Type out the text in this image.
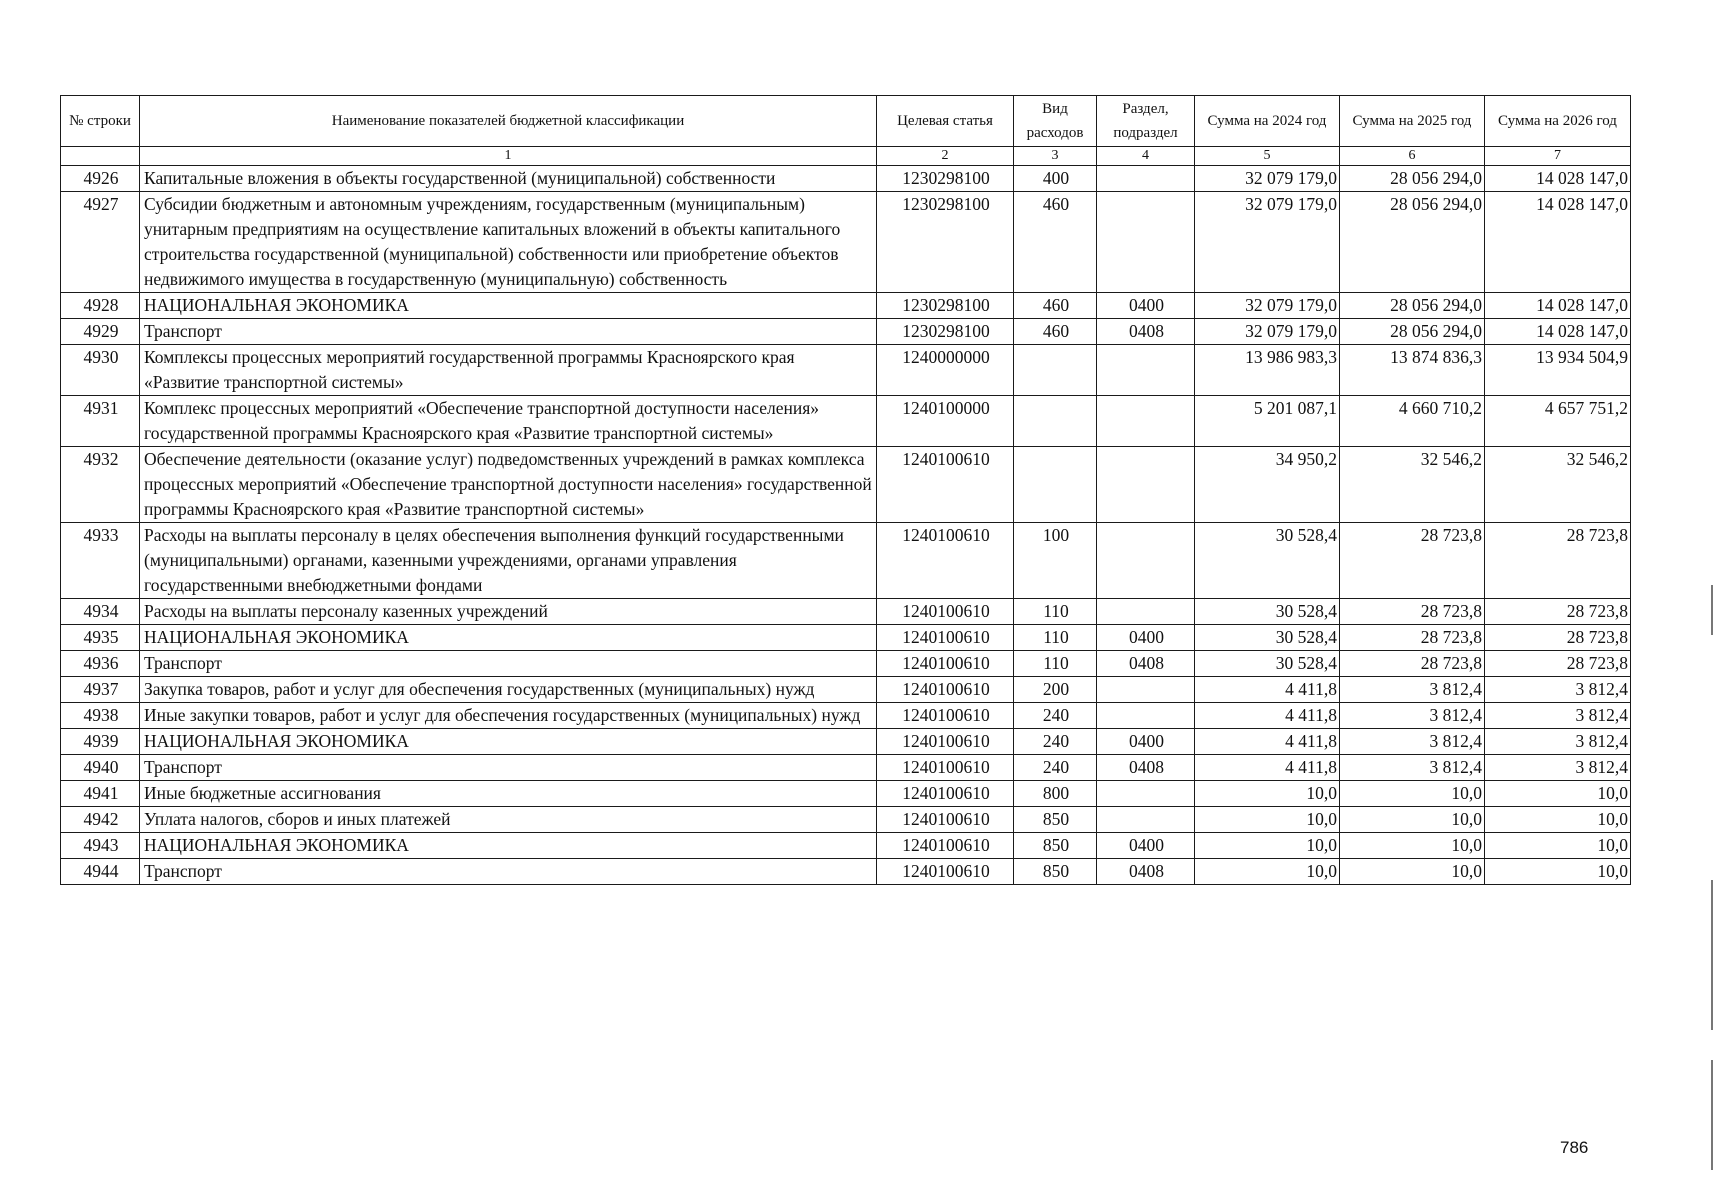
№ строки	Наименование показателей бюджетной классификации	Целевая статья	Вид расходов	Раздел, подраздел	Сумма на 2024 год	Сумма на 2025 год	Сумма на 2026 год
	1	2	3	4	5	6	7
4926	Капитальные вложения в объекты государственной (муниципальной) собственности	1230298100	400		32 079 179,0	28 056 294,0	14 028 147,0
4927	Субсидии бюджетным и автономным учреждениям, государственным (муниципальным) унитарным предприятиям на осуществление капитальных вложений в объекты капитального строительства государственной (муниципальной) собственности или приобретение объектов недвижимого имущества в государственную (муниципальную) собственность	1230298100	460		32 079 179,0	28 056 294,0	14 028 147,0
4928	НАЦИОНАЛЬНАЯ ЭКОНОМИКА	1230298100	460	0400	32 079 179,0	28 056 294,0	14 028 147,0
4929	Транспорт	1230298100	460	0408	32 079 179,0	28 056 294,0	14 028 147,0
4930	Комплексы процессных мероприятий государственной программы Красноярского края «Развитие транспортной системы»	1240000000			13 986 983,3	13 874 836,3	13 934 504,9
4931	Комплекс процессных мероприятий «Обеспечение транспортной доступности населения» государственной программы Красноярского края «Развитие транспортной системы»	1240100000			5 201 087,1	4 660 710,2	4 657 751,2
4932	Обеспечение деятельности (оказание услуг) подведомственных учреждений в рамках комплекса процессных мероприятий «Обеспечение транспортной доступности населения» государственной программы Красноярского края «Развитие транспортной системы»	1240100610			34 950,2	32 546,2	32 546,2
4933	Расходы на выплаты персоналу в целях обеспечения выполнения функций государственными (муниципальными) органами, казенными учреждениями, органами управления государственными внебюджетными фондами	1240100610	100		30 528,4	28 723,8	28 723,8
4934	Расходы на выплаты персоналу казенных учреждений	1240100610	110		30 528,4	28 723,8	28 723,8
4935	НАЦИОНАЛЬНАЯ ЭКОНОМИКА	1240100610	110	0400	30 528,4	28 723,8	28 723,8
4936	Транспорт	1240100610	110	0408	30 528,4	28 723,8	28 723,8
4937	Закупка товаров, работ и услуг для обеспечения государственных (муниципальных) нужд	1240100610	200		4 411,8	3 812,4	3 812,4
4938	Иные закупки товаров, работ и услуг для обеспечения государственных (муниципальных) нужд	1240100610	240		4 411,8	3 812,4	3 812,4
4939	НАЦИОНАЛЬНАЯ ЭКОНОМИКА	1240100610	240	0400	4 411,8	3 812,4	3 812,4
4940	Транспорт	1240100610	240	0408	4 411,8	3 812,4	3 812,4
4941	Иные бюджетные ассигнования	1240100610	800		10,0	10,0	10,0
4942	Уплата налогов, сборов и иных платежей	1240100610	850		10,0	10,0	10,0
4943	НАЦИОНАЛЬНАЯ ЭКОНОМИКА	1240100610	850	0400	10,0	10,0	10,0
4944	Транспорт	1240100610	850	0408	10,0	10,0	10,0
786
